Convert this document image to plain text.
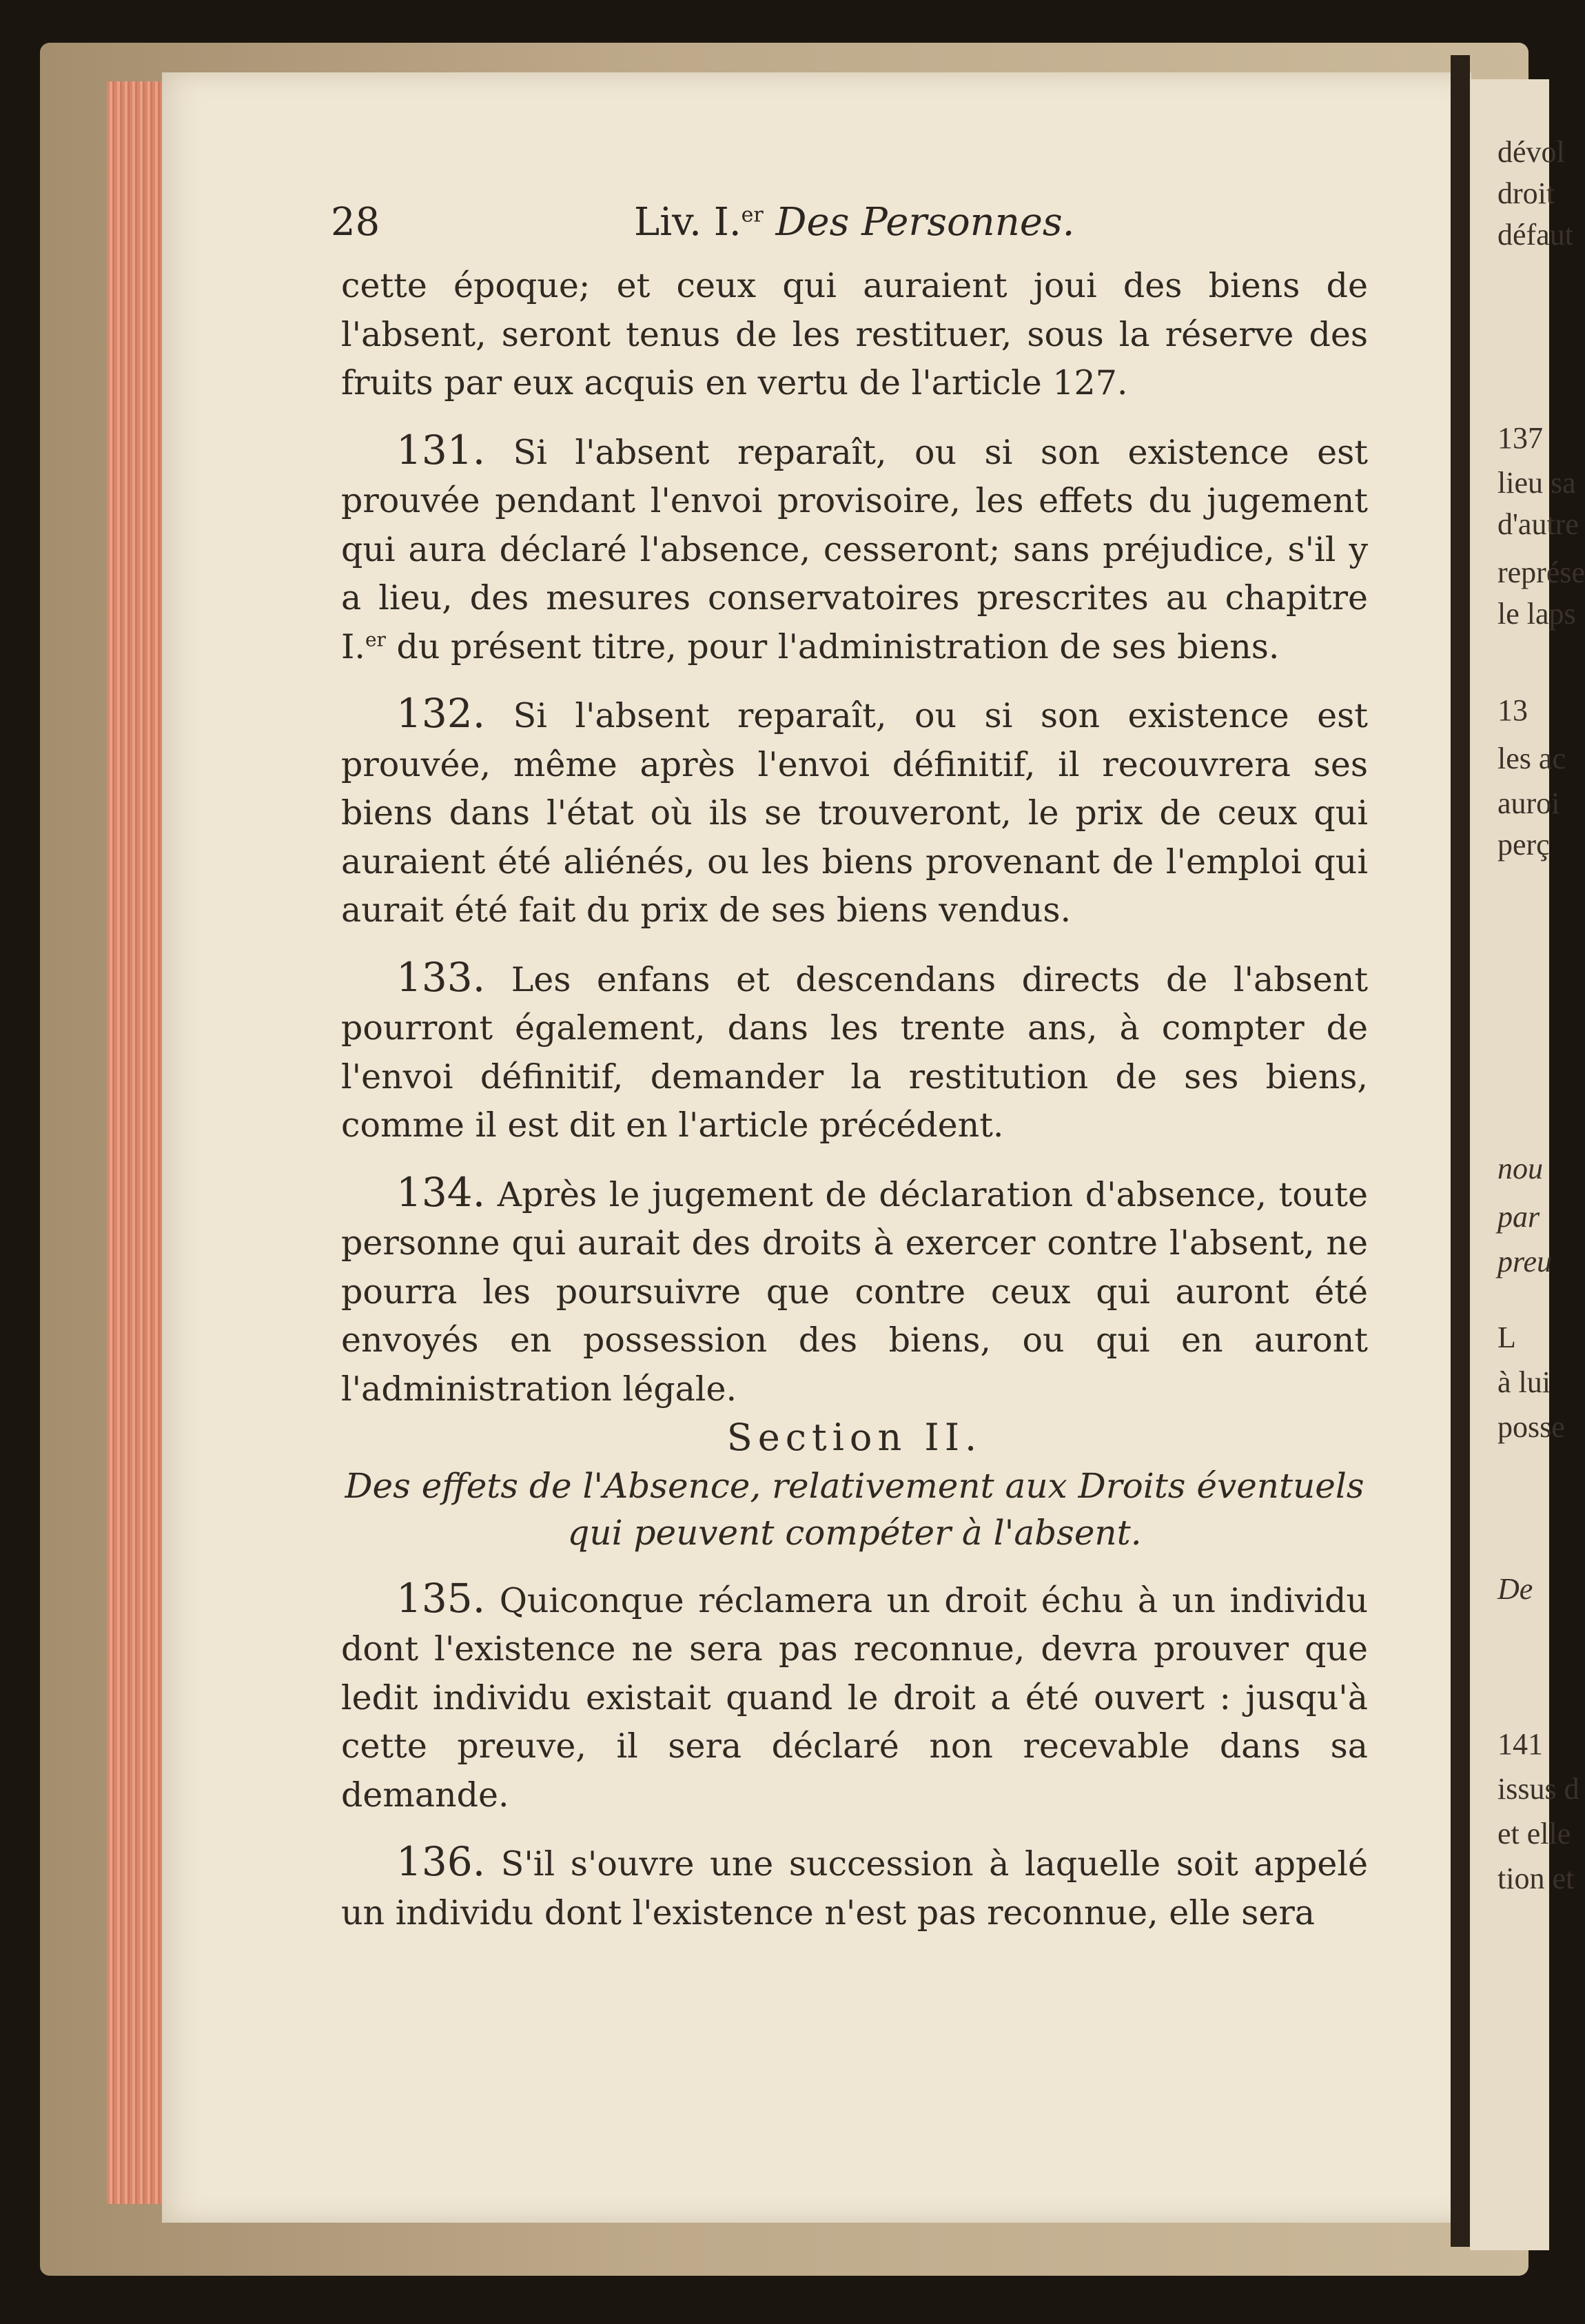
dévol
droit
défaut
137
lieu sa
d'autre
représe
le laps
13
les ac
auroi
perç
nou
par
preu
L
à lui
posse
De
141
issus d
et elle
tion et
28	Liv. I.$^{er}$ Des Personnes.

cette époque; et ceux qui auraient joui des biens de l'absent, seront tenus de les restituer, sous la réserve des fruits par eux acquis en vertu de l'article 127.

131. Si l'absent reparaît, ou si son existence est prouvée pendant l'envoi provisoire, les effets du jugement qui aura déclaré l'absence, cesseront; sans préjudice, s'il y a lieu, des mesures conservatoires prescrites au chapitre I.$^{er}$ du présent titre, pour l'administration de ses biens.

132. Si l'absent reparaît, ou si son existence est prouvée, même après l'envoi définitif, il recouvrera ses biens dans l'état où ils se trouveront, le prix de ceux qui auraient été aliénés, ou les biens provenant de l'emploi qui aurait été fait du prix de ses biens vendus.

133. Les enfans et descendans directs de l'absent pourront également, dans les trente ans, à compter de l'envoi définitif, demander la restitution de ses biens, comme il est dit en l'article précédent.

134. Après le jugement de déclaration d'absence, toute personne qui aurait des droits à exercer contre l'absent, ne pourra les poursuivre que contre ceux qui auront été envoyés en possession des biens, ou qui en auront l'administration légale.

Section II.

Des effets de l'Absence, relativement aux Droits éventuels qui peuvent compéter à l'absent.

135. Quiconque réclamera un droit échu à un individu dont l'existence ne sera pas reconnue, devra prouver que ledit individu existait quand le droit a été ouvert : jusqu'à cette preuve, il sera déclaré non recevable dans sa demande.

136. S'il s'ouvre une succession à laquelle soit appelé un individu dont l'existence n'est pas reconnue, elle sera
